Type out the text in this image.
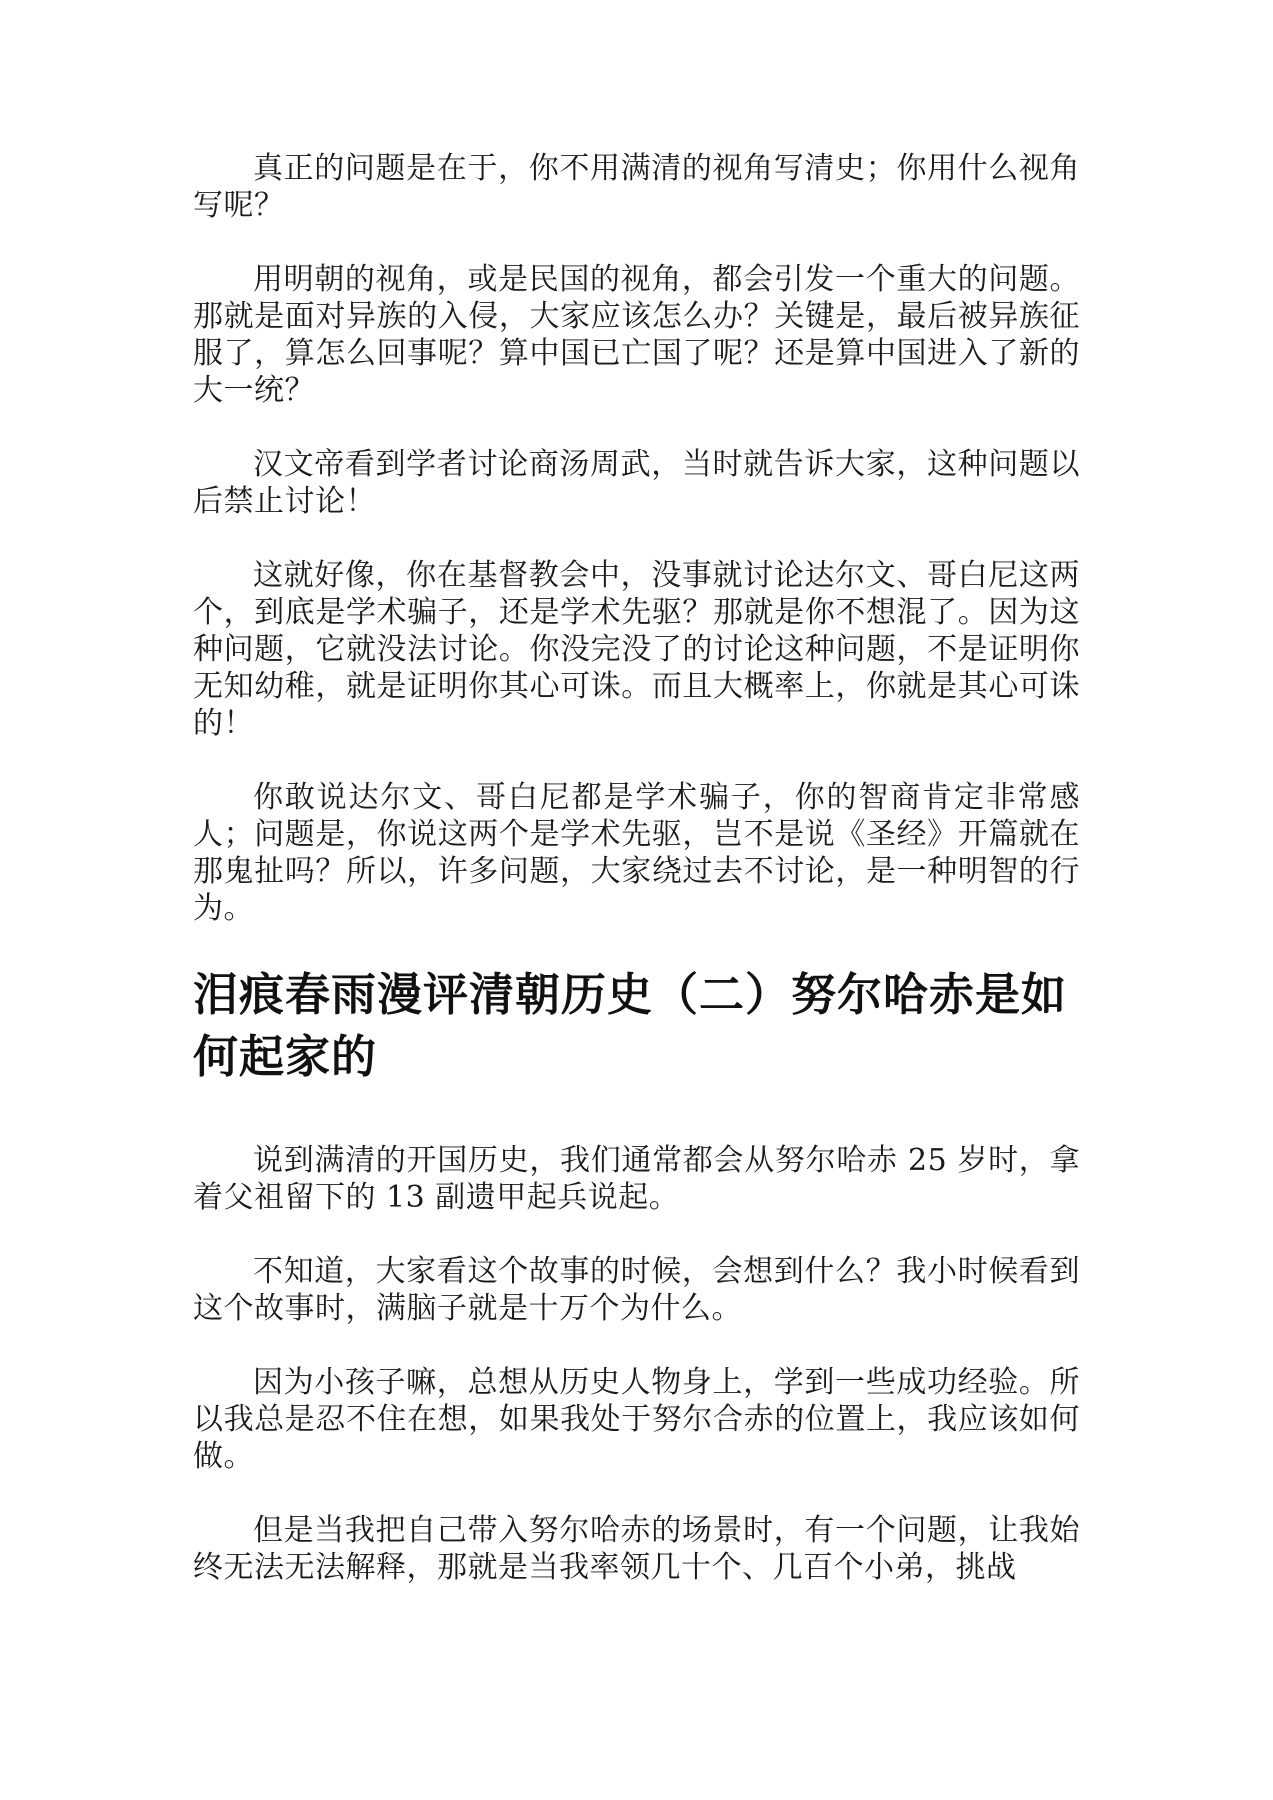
真正的问题是在于，你不用满清的视角写清史；你用什么视角写呢？

用明朝的视角，或是民国的视角，都会引发一个重大的问题。那就是面对异族的入侵，大家应该怎么办？关键是，最后被异族征服了，算怎么回事呢？算中国已亡国了呢？还是算中国进入了新的大一统？

汉文帝看到学者讨论商汤周武，当时就告诉大家，这种问题以后禁止讨论！

这就好像，你在基督教会中，没事就讨论达尔文、哥白尼这两个，到底是学术骗子，还是学术先驱？那就是你不想混了。因为这种问题，它就没法讨论。你没完没了的讨论这种问题，不是证明你无知幼稚，就是证明你其心可诛。而且大概率上，你就是其心可诛的！

你敢说达尔文、哥白尼都是学术骗子，你的智商肯定非常感人；问题是，你说这两个是学术先驱，岂不是说《圣经》开篇就在那鬼扯吗？所以，许多问题，大家绕过去不讨论，是一种明智的行为。

泪痕春雨漫评清朝历史（二）努尔哈赤是如何起家的

说到满清的开国历史，我们通常都会从努尔哈赤 25 岁时，拿着父祖留下的 13 副遗甲起兵说起。

不知道，大家看这个故事的时候，会想到什么？我小时候看到这个故事时，满脑子就是十万个为什么。

因为小孩子嘛，总想从历史人物身上，学到一些成功经验。所以我总是忍不住在想，如果我处于努尔合赤的位置上，我应该如何做。

但是当我把自己带入努尔哈赤的场景时，有一个问题，让我始终无法无法解释，那就是当我率领几十个、几百个小弟，挑战
